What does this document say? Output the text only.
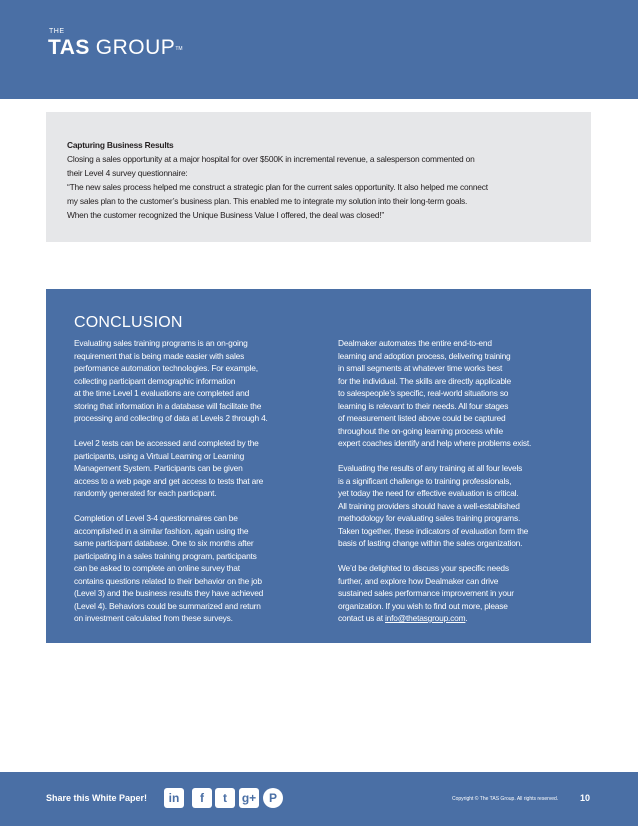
THE
TAS GROUP™
Capturing Business Results
Closing a sales opportunity at a major hospital for over $500K in incremental revenue, a salesperson commented on
their Level 4 survey questionnaire:
“The new sales process helped me construct a strategic plan for the current sales opportunity. It also helped me connect
my sales plan to the customer’s business plan. This enabled me to integrate my solution into their long-term goals.
When the customer recognized the Unique Business Value I offered, the deal was closed!”
CONCLUSION

Evaluating sales training programs is an on-going
requirement that is being made easier with sales
performance automation technologies. For example,
collecting participant demographic information
at the time Level 1 evaluations are completed and
storing that information in a database will facilitate the
processing and collecting of data at Levels 2 through 4.

Level 2 tests can be accessed and completed by the
participants, using a Virtual Learning or Learning
Management System. Participants can be given
access to a web page and get access to tests that are
randomly generated for each participant.

Completion of Level 3-4 questionnaires can be
accomplished in a similar fashion, again using the
same participant database. One to six months after
participating in a sales training program, participants
can be asked to complete an online survey that
contains questions related to their behavior on the job
(Level 3) and the business results they have achieved
(Level 4). Behaviors could be summarized and return
on investment calculated from these surveys.

Dealmaker automates the entire end-to-end
learning and adoption process, delivering training
in small segments at whatever time works best
for the individual. The skills are directly applicable
to salespeople’s specific, real-world situations so
learning is relevant to their needs. All four stages
of measurement listed above could be captured
throughout the on-going learning process while
expert coaches identify and help where problems exist.

Evaluating the results of any training at all four levels
is a significant challenge to training professionals,
yet today the need for effective evaluation is critical.
All training providers should have a well-established
methodology for evaluating sales training programs.
Taken together, these indicators of evaluation form the
basis of lasting change within the sales organization.

We’d be delighted to discuss your specific needs
further, and explore how Dealmaker can drive
sustained sales performance improvement in your
organization. If you wish to find out more, please

contact us at info@thetasgroup.com.
Share this White Paper!	in	f	t	g+	P	Copyright © The TAS Group. All rights reserved. 10
